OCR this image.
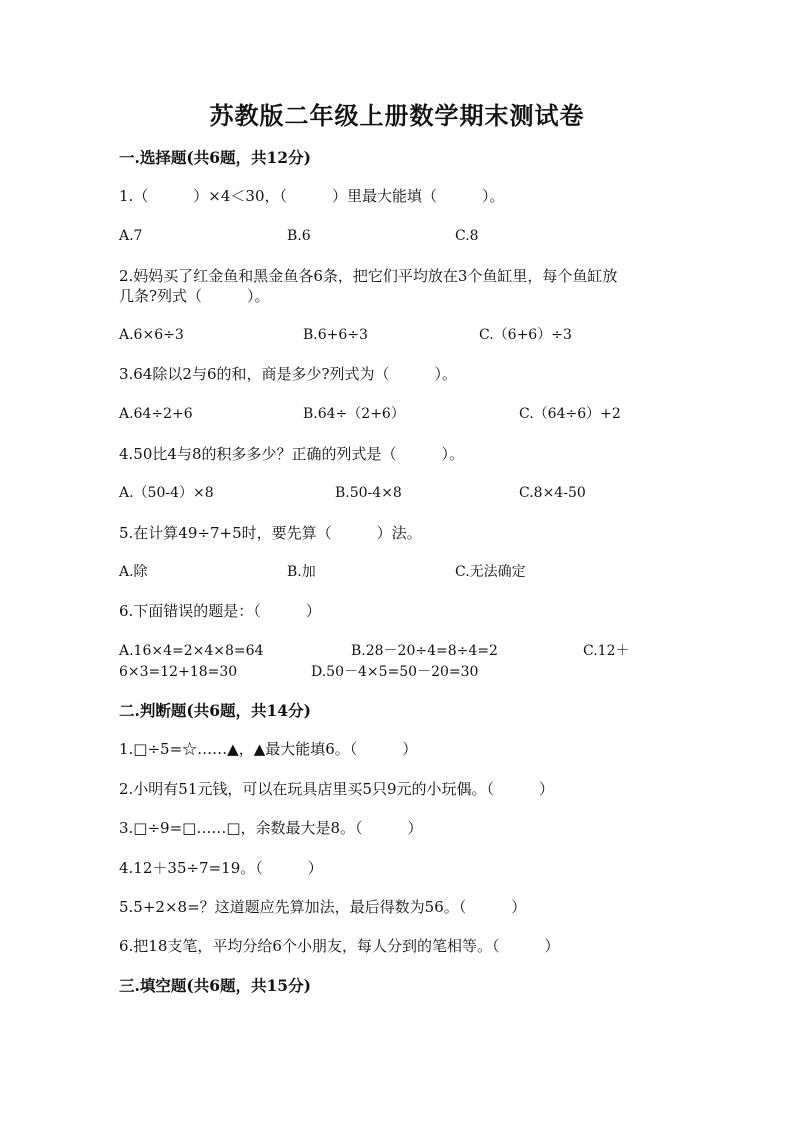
苏教版二年级上册数学期末测试卷
一.选择题(共6题，共12分)
1.（　　　）×4＜30，（　　　）里最大能填（　　　）。
A.7	B.6	C.8
2.妈妈买了红金鱼和黑金鱼各6条，把它们平均放在3个鱼缸里，每个鱼缸放
几条?列式（　　　）。
A.6×6÷3	B.6+6÷3	C.（6+6）÷3
3.64除以2与6的和，商是多少?列式为（　　　）。
A.64÷2+6	B.64÷（2+6）	C.（64÷6）+2
4.50比4与8的积多多少？正确的列式是（　　　）。
A.（50-4）×8	B.50-4×8	C.8×4-50
5.在计算49÷7+5时，要先算（　　　）法。
A.除	B.加	C.无法确定
6.下面错误的题是：（　　　）
A.16×4=2×4×8=64	B.28－20÷4=8÷4=2	C.12＋
6×3=12+18=30	D.50－4×5=50－20=30
二.判断题(共6题，共14分)
1.□÷5=☆……▲，▲最大能填6。（　　　）
2.小明有51元钱，可以在玩具店里买5只9元的小玩偶。（　　　）
3.□÷9=□……□，余数最大是8。（　　　）
4.12＋35÷7=19。（　　　）
5.5+2×8=？这道题应先算加法，最后得数为56。（　　　）
6.把18支笔，平均分给6个小朋友，每人分到的笔相等。（　　　）
三.填空题(共6题，共15分)
